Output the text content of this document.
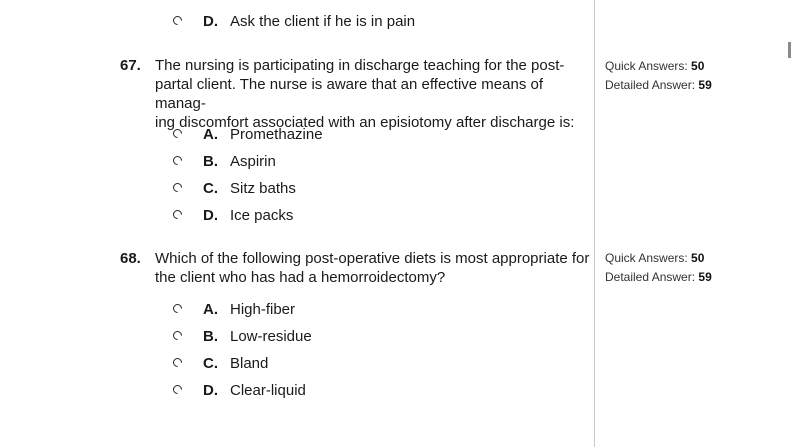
D. Ask the client if he is in pain
67. The nursing is participating in discharge teaching for the post-
partal client. The nurse is aware that an effective means of manag-
ing discomfort associated with an episiotomy after discharge is:
A. Promethazine
B. Aspirin
C. Sitz baths
D. Ice packs
Quick Answers: 50
Detailed Answer: 59
68. Which of the following post-operative diets is most appropriate for
the client who has had a hemorroidectomy?
A. High-fiber
B. Low-residue
C. Bland
D. Clear-liquid
Quick Answers: 50
Detailed Answer: 59
